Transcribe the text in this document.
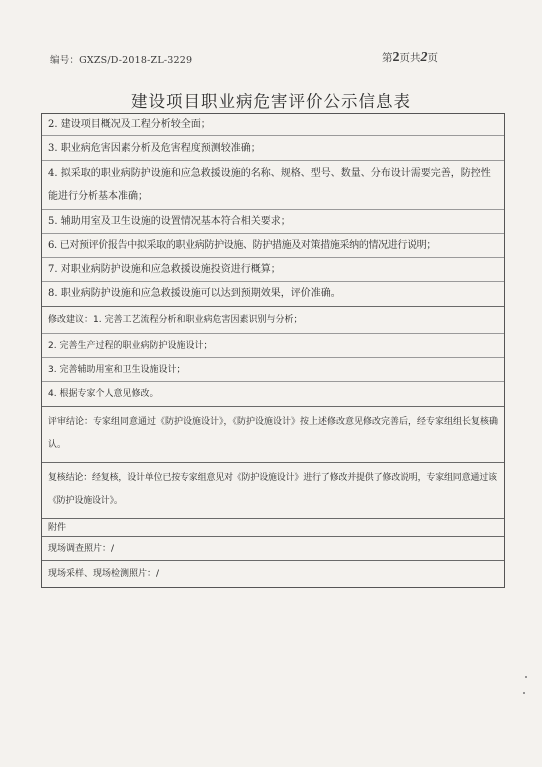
编号：GXZS/D-2018-ZL-3229	第2页共2页
建设项目职业病危害评价公示信息表
2. 建设项目概况及工程分析较全面；
3. 职业病危害因素分析及危害程度预测较准确；
4. 拟采取的职业病防护设施和应急救援设施的名称、规格、型号、数量、分布设计需要完善，防控性能进行分析基本准确；
5. 辅助用室及卫生设施的设置情况基本符合相关要求；
6. 已对预评价报告中拟采取的职业病防护设施、防护措施及对策措施采纳的情况进行说明；
7. 对职业病防护设施和应急救援设施投资进行概算；
8. 职业病防护设施和应急救援设施可以达到预期效果，评价准确。
修改建议：1. 完善工艺流程分析和职业病危害因素识别与分析；
2. 完善生产过程的职业病防护设施设计；
3. 完善辅助用室和卫生设施设计；
4. 根据专家个人意见修改。
评审结论：专家组同意通过《防护设施设计》，《防护设施设计》按上述修改意见修改完善后，经专家组组长复核确认。
复核结论：经复核，设计单位已按专家组意见对《防护设施设计》进行了修改并提供了修改说明，专家组同意通过该《防护设施设计》。
附件
现场调查照片：/
现场采样、现场检测照片：/
